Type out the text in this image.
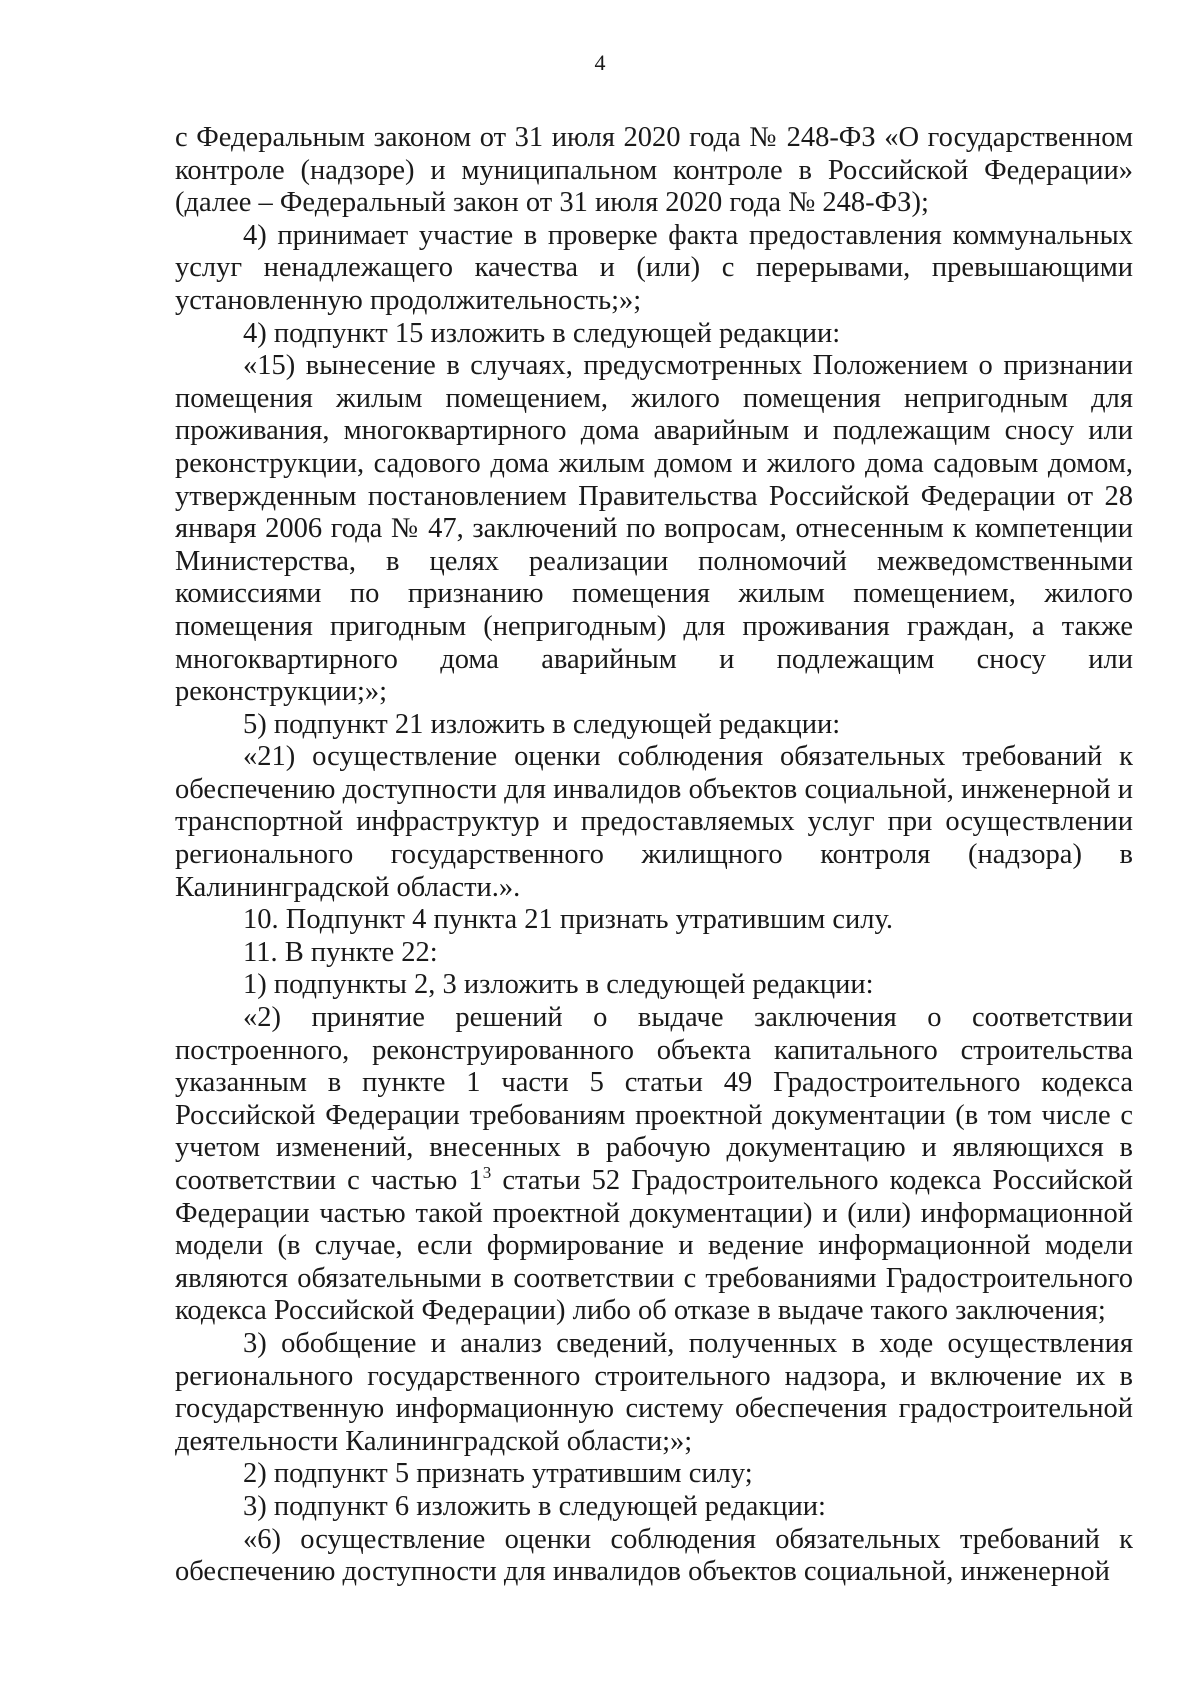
4

с Федеральным законом от 31 июля 2020 года № 248-ФЗ «О государственном контроле (надзоре) и муниципальном контроле в Российской Федерации» (далее – Федеральный закон от 31 июля 2020 года № 248-ФЗ);

4) принимает участие в проверке факта предоставления коммунальных услуг ненадлежащего качества и (или) с перерывами, превышающими установленную продолжительность;»;

4) подпункт 15 изложить в следующей редакции:

«15) вынесение в случаях, предусмотренных Положением о признании помещения жилым помещением, жилого помещения непригодным для проживания, многоквартирного дома аварийным и подлежащим сносу или реконструкции, садового дома жилым домом и жилого дома садовым домом, утвержденным постановлением Правительства Российской Федерации от 28 января 2006 года № 47, заключений по вопросам, отнесенным к компетенции Министерства, в целях реализации полномочий межведомственными комиссиями по признанию помещения жилым помещением, жилого помещения пригодным (непригодным) для проживания граждан, а также многоквартирного дома аварийным и подлежащим сносу или реконструкции;»;

5) подпункт 21 изложить в следующей редакции:

«21) осуществление оценки соблюдения обязательных требований к обеспечению доступности для инвалидов объектов социальной, инженерной и транспортной инфраструктур и предоставляемых услуг при осуществлении регионального государственного жилищного контроля (надзора) в Калининградской области.».

10. Подпункт 4 пункта 21 признать утратившим силу.

11. В пункте 22:

1) подпункты 2, 3 изложить в следующей редакции:

«2) принятие решений о выдаче заключения о соответствии построенного, реконструированного объекта капитального строительства указанным в пункте 1 части 5 статьи 49 Градостроительного кодекса Российской Федерации требованиям проектной документации (в том числе с учетом изменений, внесенных в рабочую документацию и являющихся в соответствии с частью $1^3$ статьи 52 Градостроительного кодекса Российской Федерации частью такой проектной документации) и (или) информационной модели (в случае, если формирование и ведение информационной модели являются обязательными в соответствии с требованиями Градостроительного кодекса Российской Федерации) либо об отказе в выдаче такого заключения;

3) обобщение и анализ сведений, полученных в ходе осуществления регионального государственного строительного надзора, и включение их в государственную информационную систему обеспечения градостроительной деятельности Калининградской области;»;

2) подпункт 5 признать утратившим силу;

3) подпункт 6 изложить в следующей редакции:

«6) осуществление оценки соблюдения обязательных требований к обеспечению доступности для инвалидов объектов социальной, инженерной
